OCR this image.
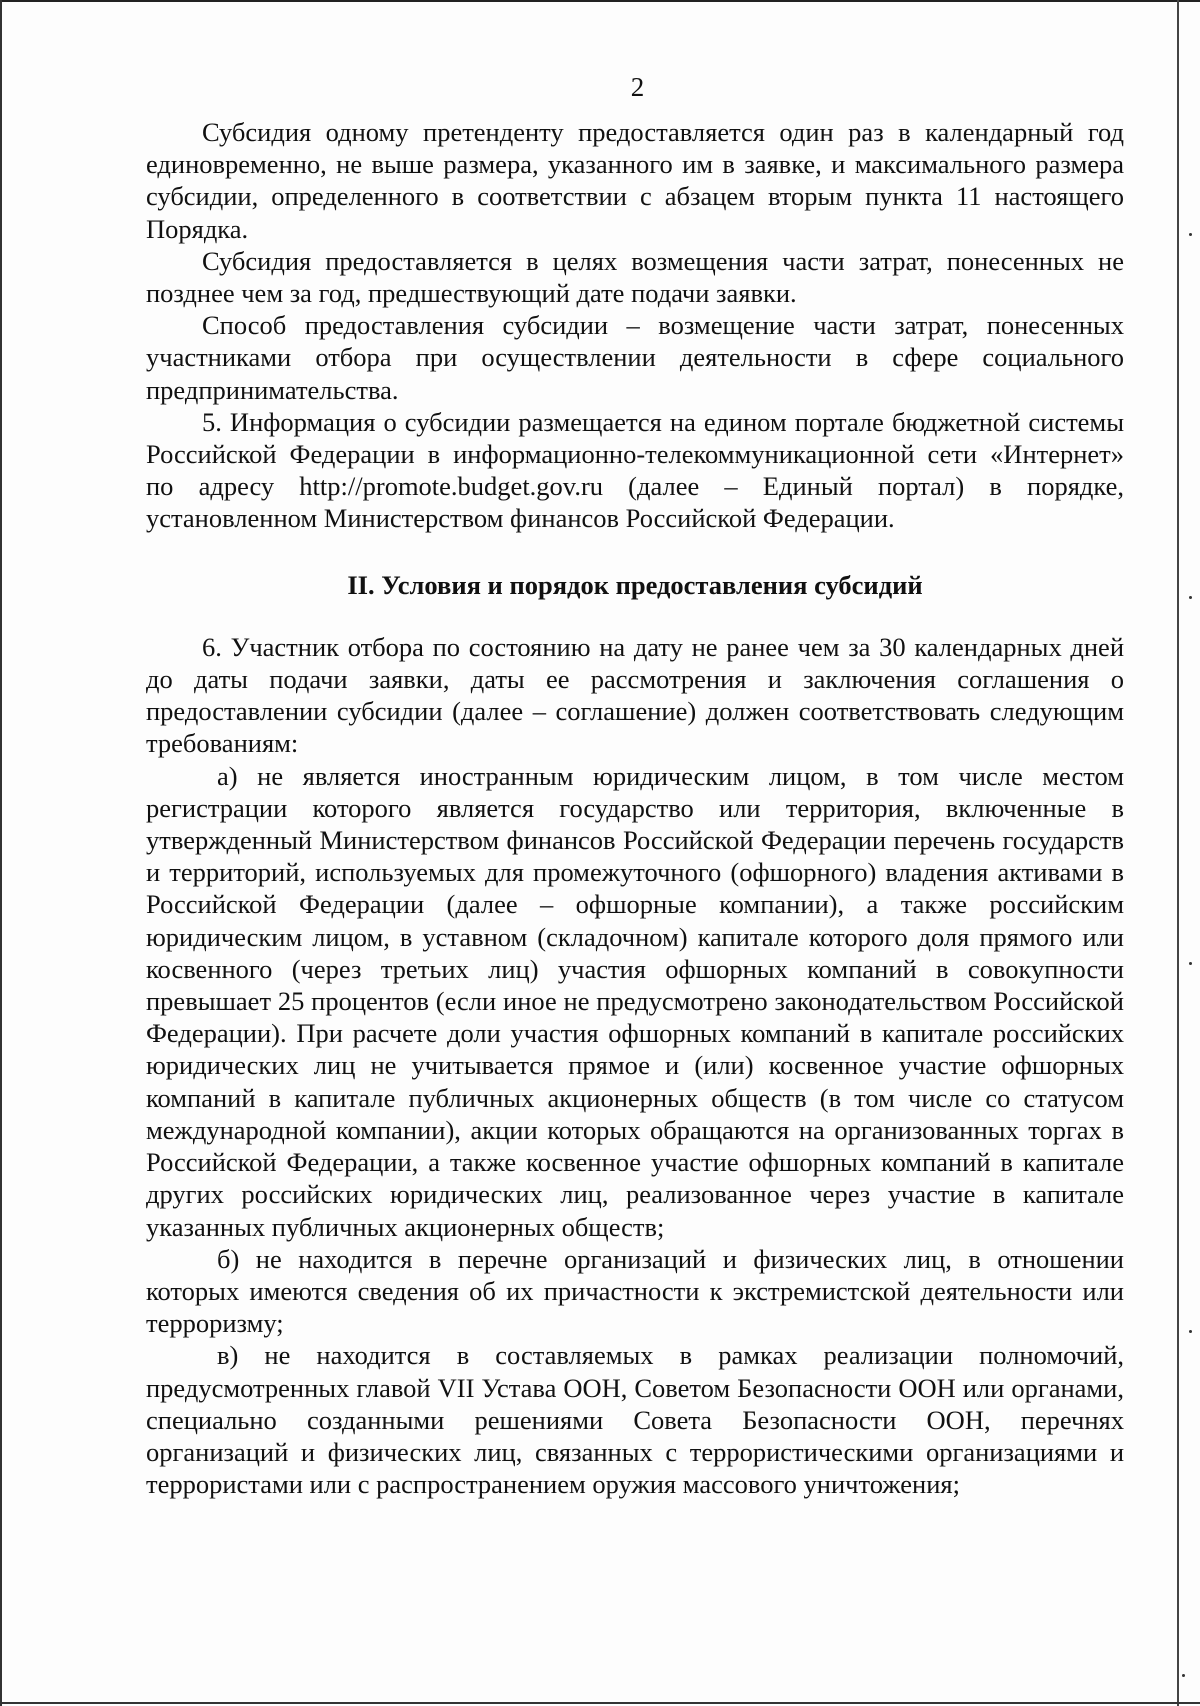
2

Субсидия одному претенденту предоставляется один раз в календарный год единовременно, не выше размера, указанного им в заявке, и максимального размера субсидии, определенного в соответствии с абзацем вторым пункта 11 настоящего Порядка.

Субсидия предоставляется в целях возмещения части затрат, понесенных не позднее чем за год, предшествующий дате подачи заявки.

Способ предоставления субсидии – возмещение части затрат, понесенных участниками отбора при осуществлении деятельности в сфере социального предпринимательства.

5. Информация о субсидии размещается на едином портале бюджетной системы Российской Федерации в информационно-телекоммуникационной сети «Интернет» по адресу http://promote.budget.gov.ru (далее – Единый портал) в порядке, установленном Министерством финансов Российской Федерации.

II. Условия и порядок предоставления субсидий

6. Участник отбора по состоянию на дату не ранее чем за 30 календарных дней до даты подачи заявки, даты ее рассмотрения и заключения соглашения о предоставлении субсидии (далее – соглашение) должен соответствовать следующим требованиям:

а) не является иностранным юридическим лицом, в том числе местом регистрации которого является государство или территория, включенные в утвержденный Министерством финансов Российской Федерации перечень государств и территорий, используемых для промежуточного (офшорного) владения активами в Российской Федерации (далее – офшорные компании), а также российским юридическим лицом, в уставном (складочном) капитале которого доля прямого или косвенного (через третьих лиц) участия офшорных компаний в совокупности превышает 25 процентов (если иное не предусмотрено законодательством Российской Федерации). При расчете доли участия офшорных компаний в капитале российских юридических лиц не учитывается прямое и (или) косвенное участие офшорных компаний в капитале публичных акционерных обществ (в том числе со статусом международной компании), акции которых обращаются на организованных торгах в Российской Федерации, а также косвенное участие офшорных компаний в капитале других российских юридических лиц, реализованное через участие в капитале указанных публичных акционерных обществ;

б) не находится в перечне организаций и физических лиц, в отношении которых имеются сведения об их причастности к экстремистской деятельности или терроризму;

в) не находится в составляемых в рамках реализации полномочий, предусмотренных главой VII Устава ООН, Советом Безопасности ООН или органами, специально созданными решениями Совета Безопасности ООН, перечнях организаций и физических лиц, связанных с террористическими организациями и террористами или с распространением оружия массового уничтожения;
